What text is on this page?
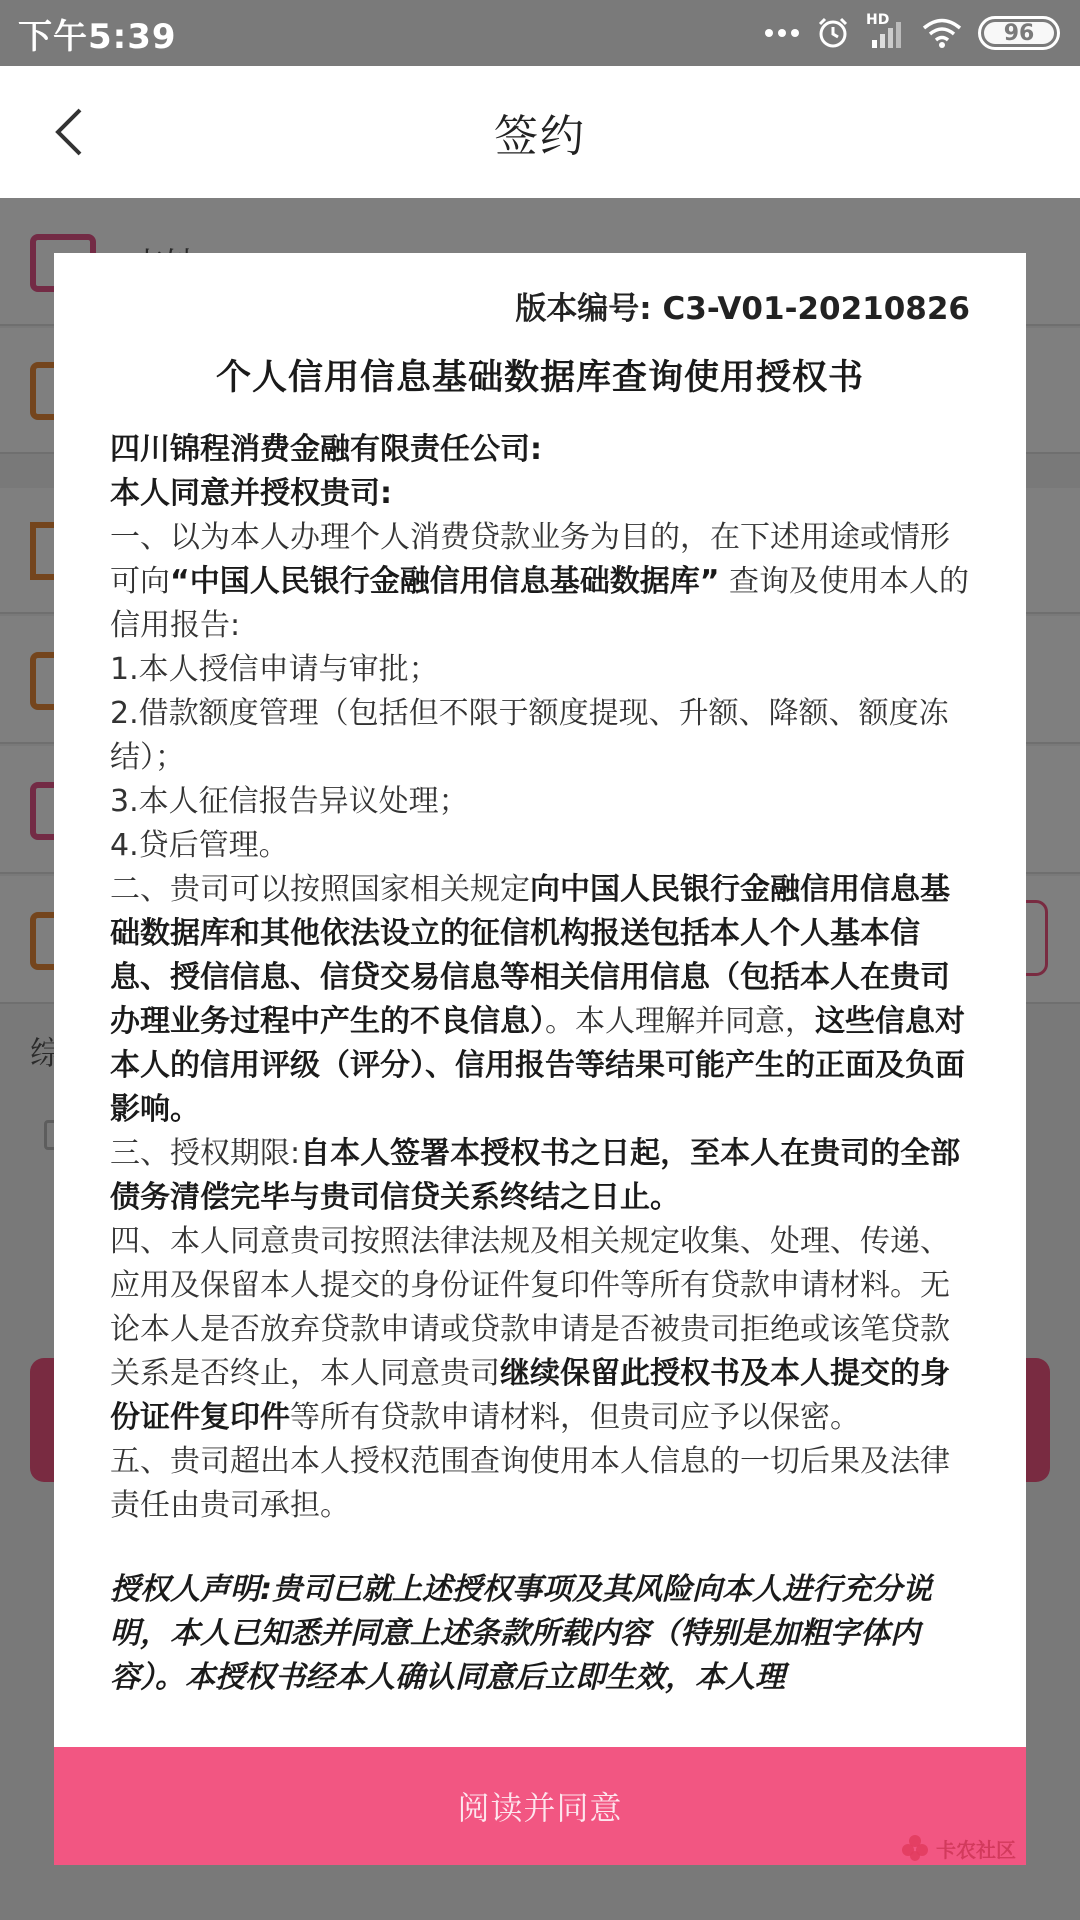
下午5:39	HD
96
签约
版本编号: C3-V01-20210826
个人信用信息基础数据库查询使用授权书
四川锦程消费金融有限责任公司:
本人同意并授权贵司:
一、以为本人办理个人消费贷款业务为目的，在下述用途或情形可向“中国人民银行金融信用信息基础数据库” 查询及使用本人的信用报告:
1.本人授信申请与审批；
2.借款额度管理（包括但不限于额度提现、升额、降额、额度冻结）；
3.本人征信报告异议处理；
4.贷后管理。
二、贵司可以按照国家相关规定向中国人民银行金融信用信息基础数据库和其他依法设立的征信机构报送包括本人个人基本信息、授信信息、信贷交易信息等相关信用信息（包括本人在贵司办理业务过程中产生的不良信息）。本人理解并同意，这些信息对本人的信用评级（评分）、信用报告等结果可能产生的正面及负面影响。
三、授权期限:自本人签署本授权书之日起，至本人在贵司的全部债务清偿完毕与贵司信贷关系终结之日止。
四、本人同意贵司按照法律法规及相关规定收集、处理、传递、应用及保留本人提交的身份证件复印件等所有贷款申请材料。无论本人是否放弃贷款申请或贷款申请是否被贵司拒绝或该笔贷款关系是否终止，本人同意贵司继续保留此授权书及本人提交的身份证件复印件等所有贷款申请材料，但贵司应予以保密。
五、贵司超出本人授权范围查询使用本人信息的一切后果及法律责任由贵司承担。
授权人声明:贵司已就上述授权事项及其风险向本人进行充分说明，本人已知悉并同意上述条款所载内容（特别是加粗字体内容）。本授权书经本人确认同意后立即生效，本人理
阅读并同意
卡农社区
